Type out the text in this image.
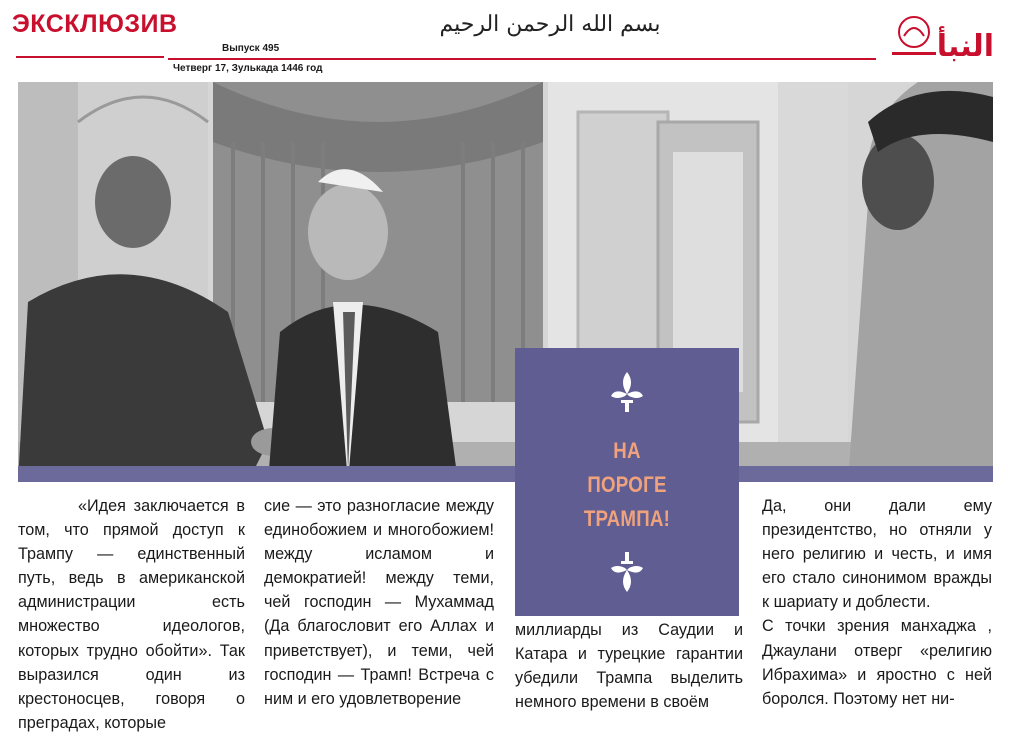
ЭКСКЛЮЗИВ
Выпуск 495
Четверг 17, Зулькада 1446 год
بسم الله الرحمن الرحيم
النبأ
НА
ПОРОГЕ
ТРАМПА!

«Идея заключается в том, что прямой доступ к Трампу — единственный путь, ведь в американской администрации есть множество идеологов, которых трудно обойти». Так выразился один из крестоносцев, говоря о преградах, которые

сие — это разногласие между единобожием и многобожием! между исламом и демократией! между теми, чей господин — Мухаммад (Да благословит его Аллах и приветствует), и теми, чей господин — Трамп! Встреча с ним и его удовлетворение

миллиарды из Саудии и Катара и турецкие гарантии убедили Трампа выделить немного времени в своём

Да, они дали ему президентство, но отняли у него религию и честь, и имя его стало синонимом вражды к шариату и доблести.

С точки зрения манхаджа , Джаулани отверг «религию Ибрахима» и яростно с ней боролся. Поэтому нет ни-
